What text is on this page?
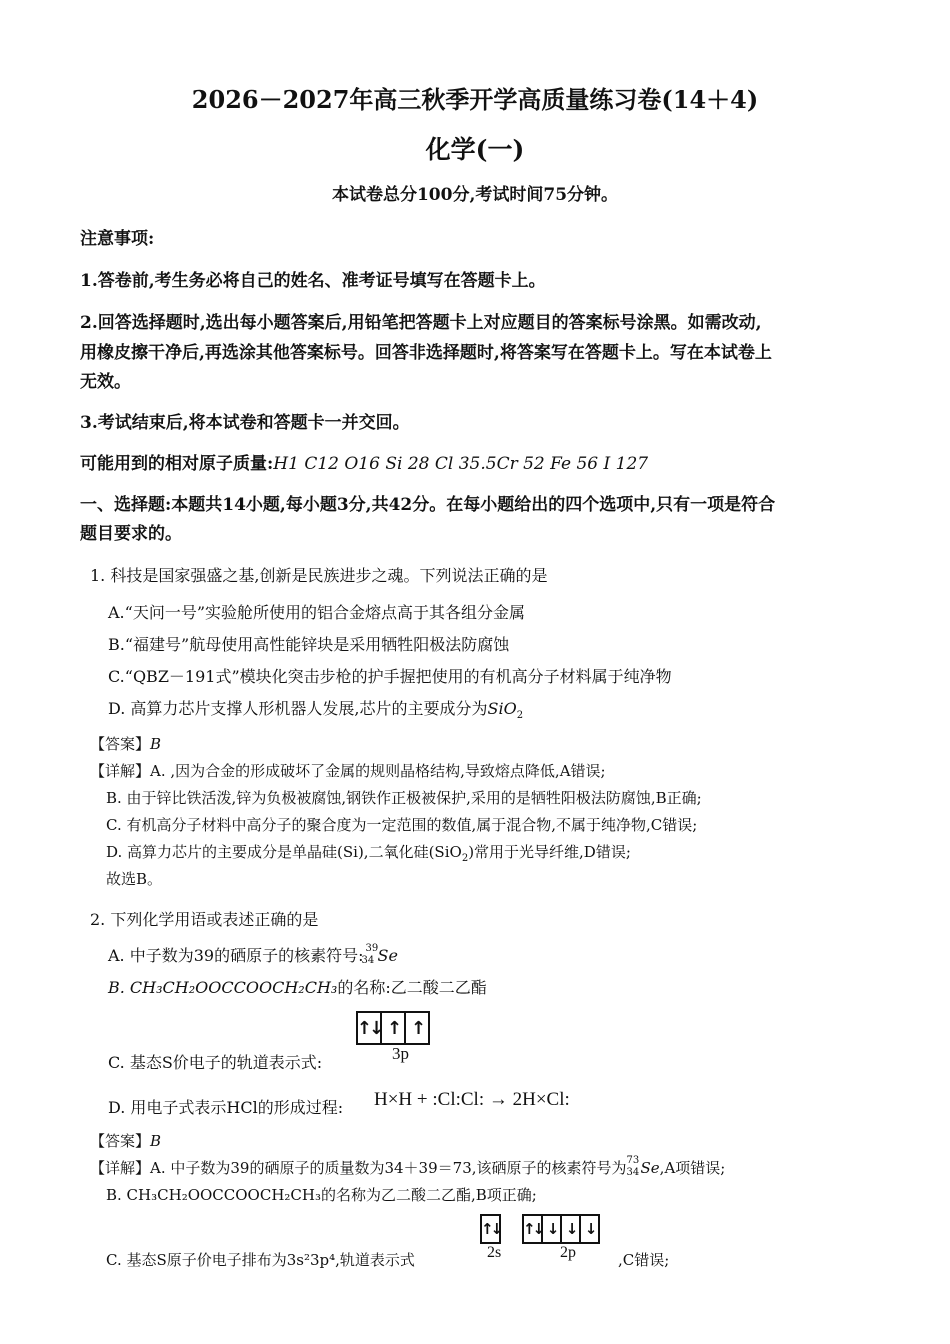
2026－2027年高三秋季开学高质量练习卷(14＋4)
化学(一)
本试卷总分100分,考试时间75分钟。
注意事项:
1.答卷前,考生务必将自己的姓名、准考证号填写在答题卡上。
2.回答选择题时,选出每小题答案后,用铅笔把答题卡上对应题目的答案标号涂黑。如需改动,
用橡皮擦干净后,再选涂其他答案标号。回答非选择题时,将答案写在答题卡上。写在本试卷上
无效。
3.考试结束后,将本试卷和答题卡一并交回。
可能用到的相对原子质量:H1 C12 O16 Si 28 Cl 35.5Cr 52 Fe 56 I 127
一、选择题:本题共14小题,每小题3分,共42分。在每小题给出的四个选项中,只有一项是符合
题目要求的。
1. 科技是国家强盛之基,创新是民族进步之魂。下列说法正确的是
A.“天问一号”实验舱所使用的铝合金熔点高于其各组分金属
B.“福建号”航母使用高性能锌块是采用牺牲阳极法防腐蚀
C.“QBZ－191式”模块化突击步枪的护手握把使用的有机高分子材料属于纯净物
D. 高算力芯片支撑人形机器人发展,芯片的主要成分为SiO$_2$
【答案】B
【详解】A. ,因为合金的形成破坏了金属的规则晶格结构,导致熔点降低,A错误;
B. 由于锌比铁活泼,锌为负极被腐蚀,钢铁作正极被保护,采用的是牺牲阳极法防腐蚀,B正确;
C. 有机高分子材料中高分子的聚合度为一定范围的数值,属于混合物,不属于纯净物,C错误;
D. 高算力芯片的主要成分是单晶硅(Si),二氧化硅(SiO$_2$)常用于光导纤维,D错误;
故选B。
2. 下列化学用语或表述正确的是
A. 中子数为39的硒原子的核素符号: 39
34 Se
B. CH₃CH₂OOCCOOCH₂CH₃的名称:乙二酸二乙酯
↑↓ ↑ ↑
3p
C. 基态S价电子的轨道表示式:
D. 用电子式表示HCl的形成过程: H×H + :Cl:Cl: → 2H×Cl:
【答案】B
【详解】A. 中子数为39的硒原子的质量数为34＋39＝73,该硒原子的核素符号为 73
34 Se,A项错误;
B. CH₃CH₂OOCCOOCH₂CH₃的名称为乙二酸二乙酯,B项正确;
↑↓ ↑↓ ↓ ↓ ↓
2s	2p
C. 基态S原子价电子排布为3s²3p⁴,轨道表示式	,C错误;
